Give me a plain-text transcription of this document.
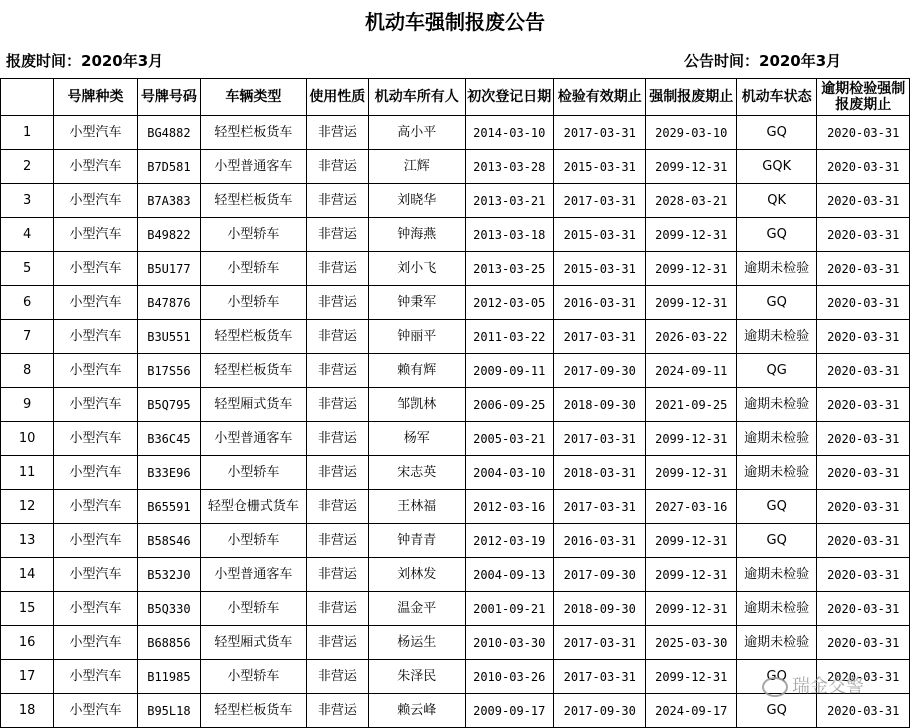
机动车强制报废公告
报废时间：2020年3月	公告时间：2020年3月
	号牌种类	号牌号码	车辆类型	使用性质	机动车所有人	初次登记日期	检验有效期止	强制报废期止	机动车状态	逾期检验强制报废期止
1	小型汽车	BG4882	轻型栏板货车	非营运	高小平	2014-03-10	2017-03-31	2029-03-10	GQ	2020-03-31
2	小型汽车	B7D581	小型普通客车	非营运	江辉	2013-03-28	2015-03-31	2099-12-31	GQK	2020-03-31
3	小型汽车	B7A383	轻型栏板货车	非营运	刘晓华	2013-03-21	2017-03-31	2028-03-21	QK	2020-03-31
4	小型汽车	B49822	小型轿车	非营运	钟海燕	2013-03-18	2015-03-31	2099-12-31	GQ	2020-03-31
5	小型汽车	B5U177	小型轿车	非营运	刘小飞	2013-03-25	2015-03-31	2099-12-31	逾期未检验	2020-03-31
6	小型汽车	B47876	小型轿车	非营运	钟秉军	2012-03-05	2016-03-31	2099-12-31	GQ	2020-03-31
7	小型汽车	B3U551	轻型栏板货车	非营运	钟丽平	2011-03-22	2017-03-31	2026-03-22	逾期未检验	2020-03-31
8	小型汽车	B17S56	轻型栏板货车	非营运	赖有辉	2009-09-11	2017-09-30	2024-09-11	QG	2020-03-31
9	小型汽车	B5Q795	轻型厢式货车	非营运	邹凯林	2006-09-25	2018-09-30	2021-09-25	逾期未检验	2020-03-31
10	小型汽车	B36C45	小型普通客车	非营运	杨军	2005-03-21	2017-03-31	2099-12-31	逾期未检验	2020-03-31
11	小型汽车	B33E96	小型轿车	非营运	宋志英	2004-03-10	2018-03-31	2099-12-31	逾期未检验	2020-03-31
12	小型汽车	B65591	轻型仓栅式货车	非营运	王林福	2012-03-16	2017-03-31	2027-03-16	GQ	2020-03-31
13	小型汽车	B58S46	小型轿车	非营运	钟青青	2012-03-19	2016-03-31	2099-12-31	GQ	2020-03-31
14	小型汽车	B532J0	小型普通客车	非营运	刘林发	2004-09-13	2017-09-30	2099-12-31	逾期未检验	2020-03-31
15	小型汽车	B5Q330	小型轿车	非营运	温金平	2001-09-21	2018-09-30	2099-12-31	逾期未检验	2020-03-31
16	小型汽车	B68856	轻型厢式货车	非营运	杨运生	2010-03-30	2017-03-31	2025-03-30	逾期未检验	2020-03-31
17	小型汽车	B11985	小型轿车	非营运	朱泽民	2010-03-26	2017-03-31	2099-12-31	GQ	2020-03-31
18	小型汽车	B95L18	轻型栏板货车	非营运	赖云峰	2009-09-17	2017-09-30	2024-09-17	GQ	2020-03-31
瑞金交警
